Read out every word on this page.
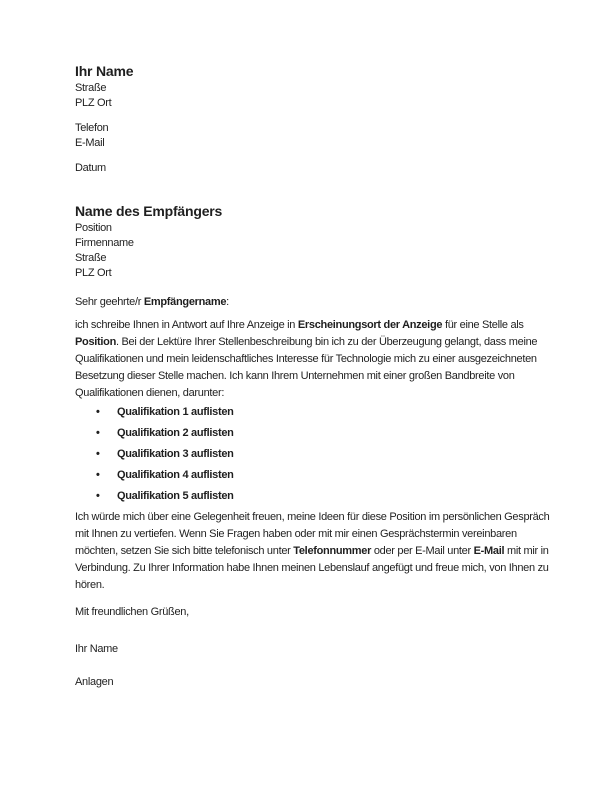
Ihr Name
Straße
PLZ Ort
Telefon
E-Mail
Datum
Name des Empfängers
Position
Firmenname
Straße
PLZ Ort

Sehr geehrte/r Empfängername:

ich schreibe Ihnen in Antwort auf Ihre Anzeige in Erscheinungsort der Anzeige für eine Stelle als Position. Bei der Lektüre Ihrer Stellenbeschreibung bin ich zu der Überzeugung gelangt, dass meine Qualifikationen und mein leidenschaftliches Interesse für Technologie mich zu einer ausgezeichneten Besetzung dieser Stelle machen. Ich kann Ihrem Unternehmen mit einer großen Bandbreite von Qualifikationen dienen, darunter:

• Qualifikation 1 auflisten
• Qualifikation 2 auflisten
• Qualifikation 3 auflisten
• Qualifikation 4 auflisten
• Qualifikation 5 auflisten

Ich würde mich über eine Gelegenheit freuen, meine Ideen für diese Position im persönlichen Gespräch mit Ihnen zu vertiefen. Wenn Sie Fragen haben oder mit mir einen Gesprächstermin vereinbaren möchten, setzen Sie sich bitte telefonisch unter Telefonnummer oder per E-Mail unter E-Mail mit mir in Verbindung. Zu Ihrer Information habe Ihnen meinen Lebenslauf angefügt und freue mich, von Ihnen zu hören.

Mit freundlichen Grüßen,

Ihr Name

Anlagen
